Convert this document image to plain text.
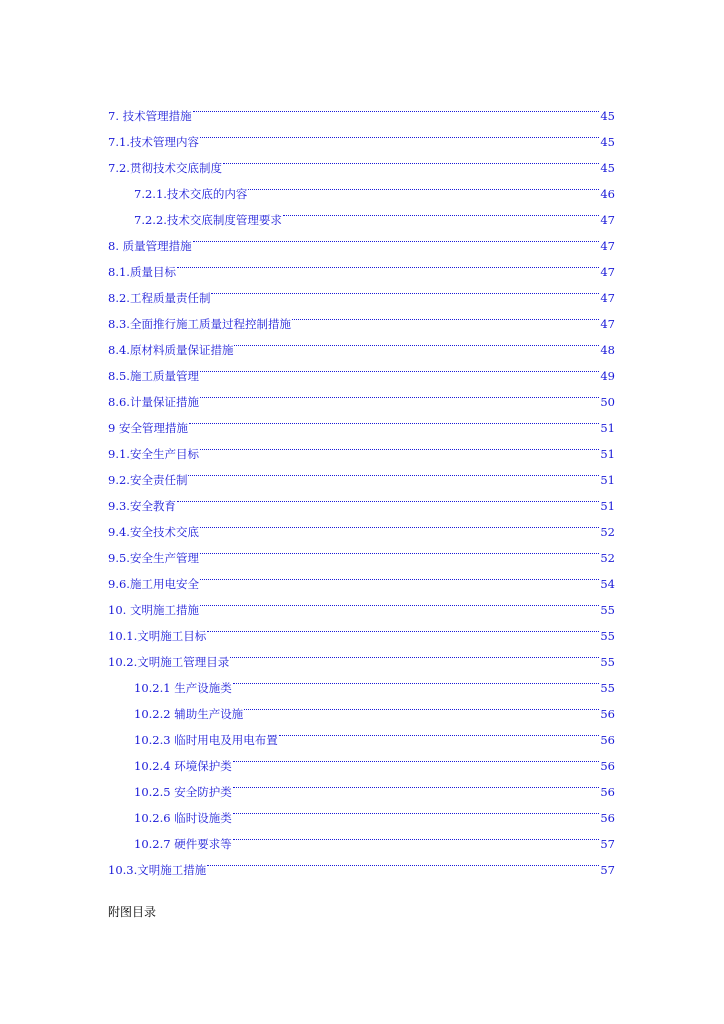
7. 技术管理措施	45
7.1.技术管理内容	45
7.2.贯彻技术交底制度	45
7.2.1.技术交底的内容	46
7.2.2.技术交底制度管理要求	47
8. 质量管理措施	47
8.1.质量目标	47
8.2.工程质量责任制	47
8.3.全面推行施工质量过程控制措施	47
8.4.原材料质量保证措施	48
8.5.施工质量管理	49
8.6.计量保证措施	50
9 安全管理措施	51
9.1.安全生产目标	51
9.2.安全责任制	51
9.3.安全教育	51
9.4.安全技术交底	52
9.5.安全生产管理	52
9.6.施工用电安全	54
10. 文明施工措施	55
10.1.文明施工目标	55
10.2.文明施工管理目录	55
10.2.1 生产设施类	55
10.2.2 辅助生产设施	56
10.2.3 临时用电及用电布置	56
10.2.4 环境保护类	56
10.2.5 安全防护类	56
10.2.6 临时设施类	56
10.2.7 硬件要求等	57
10.3.文明施工措施	57
附图目录
